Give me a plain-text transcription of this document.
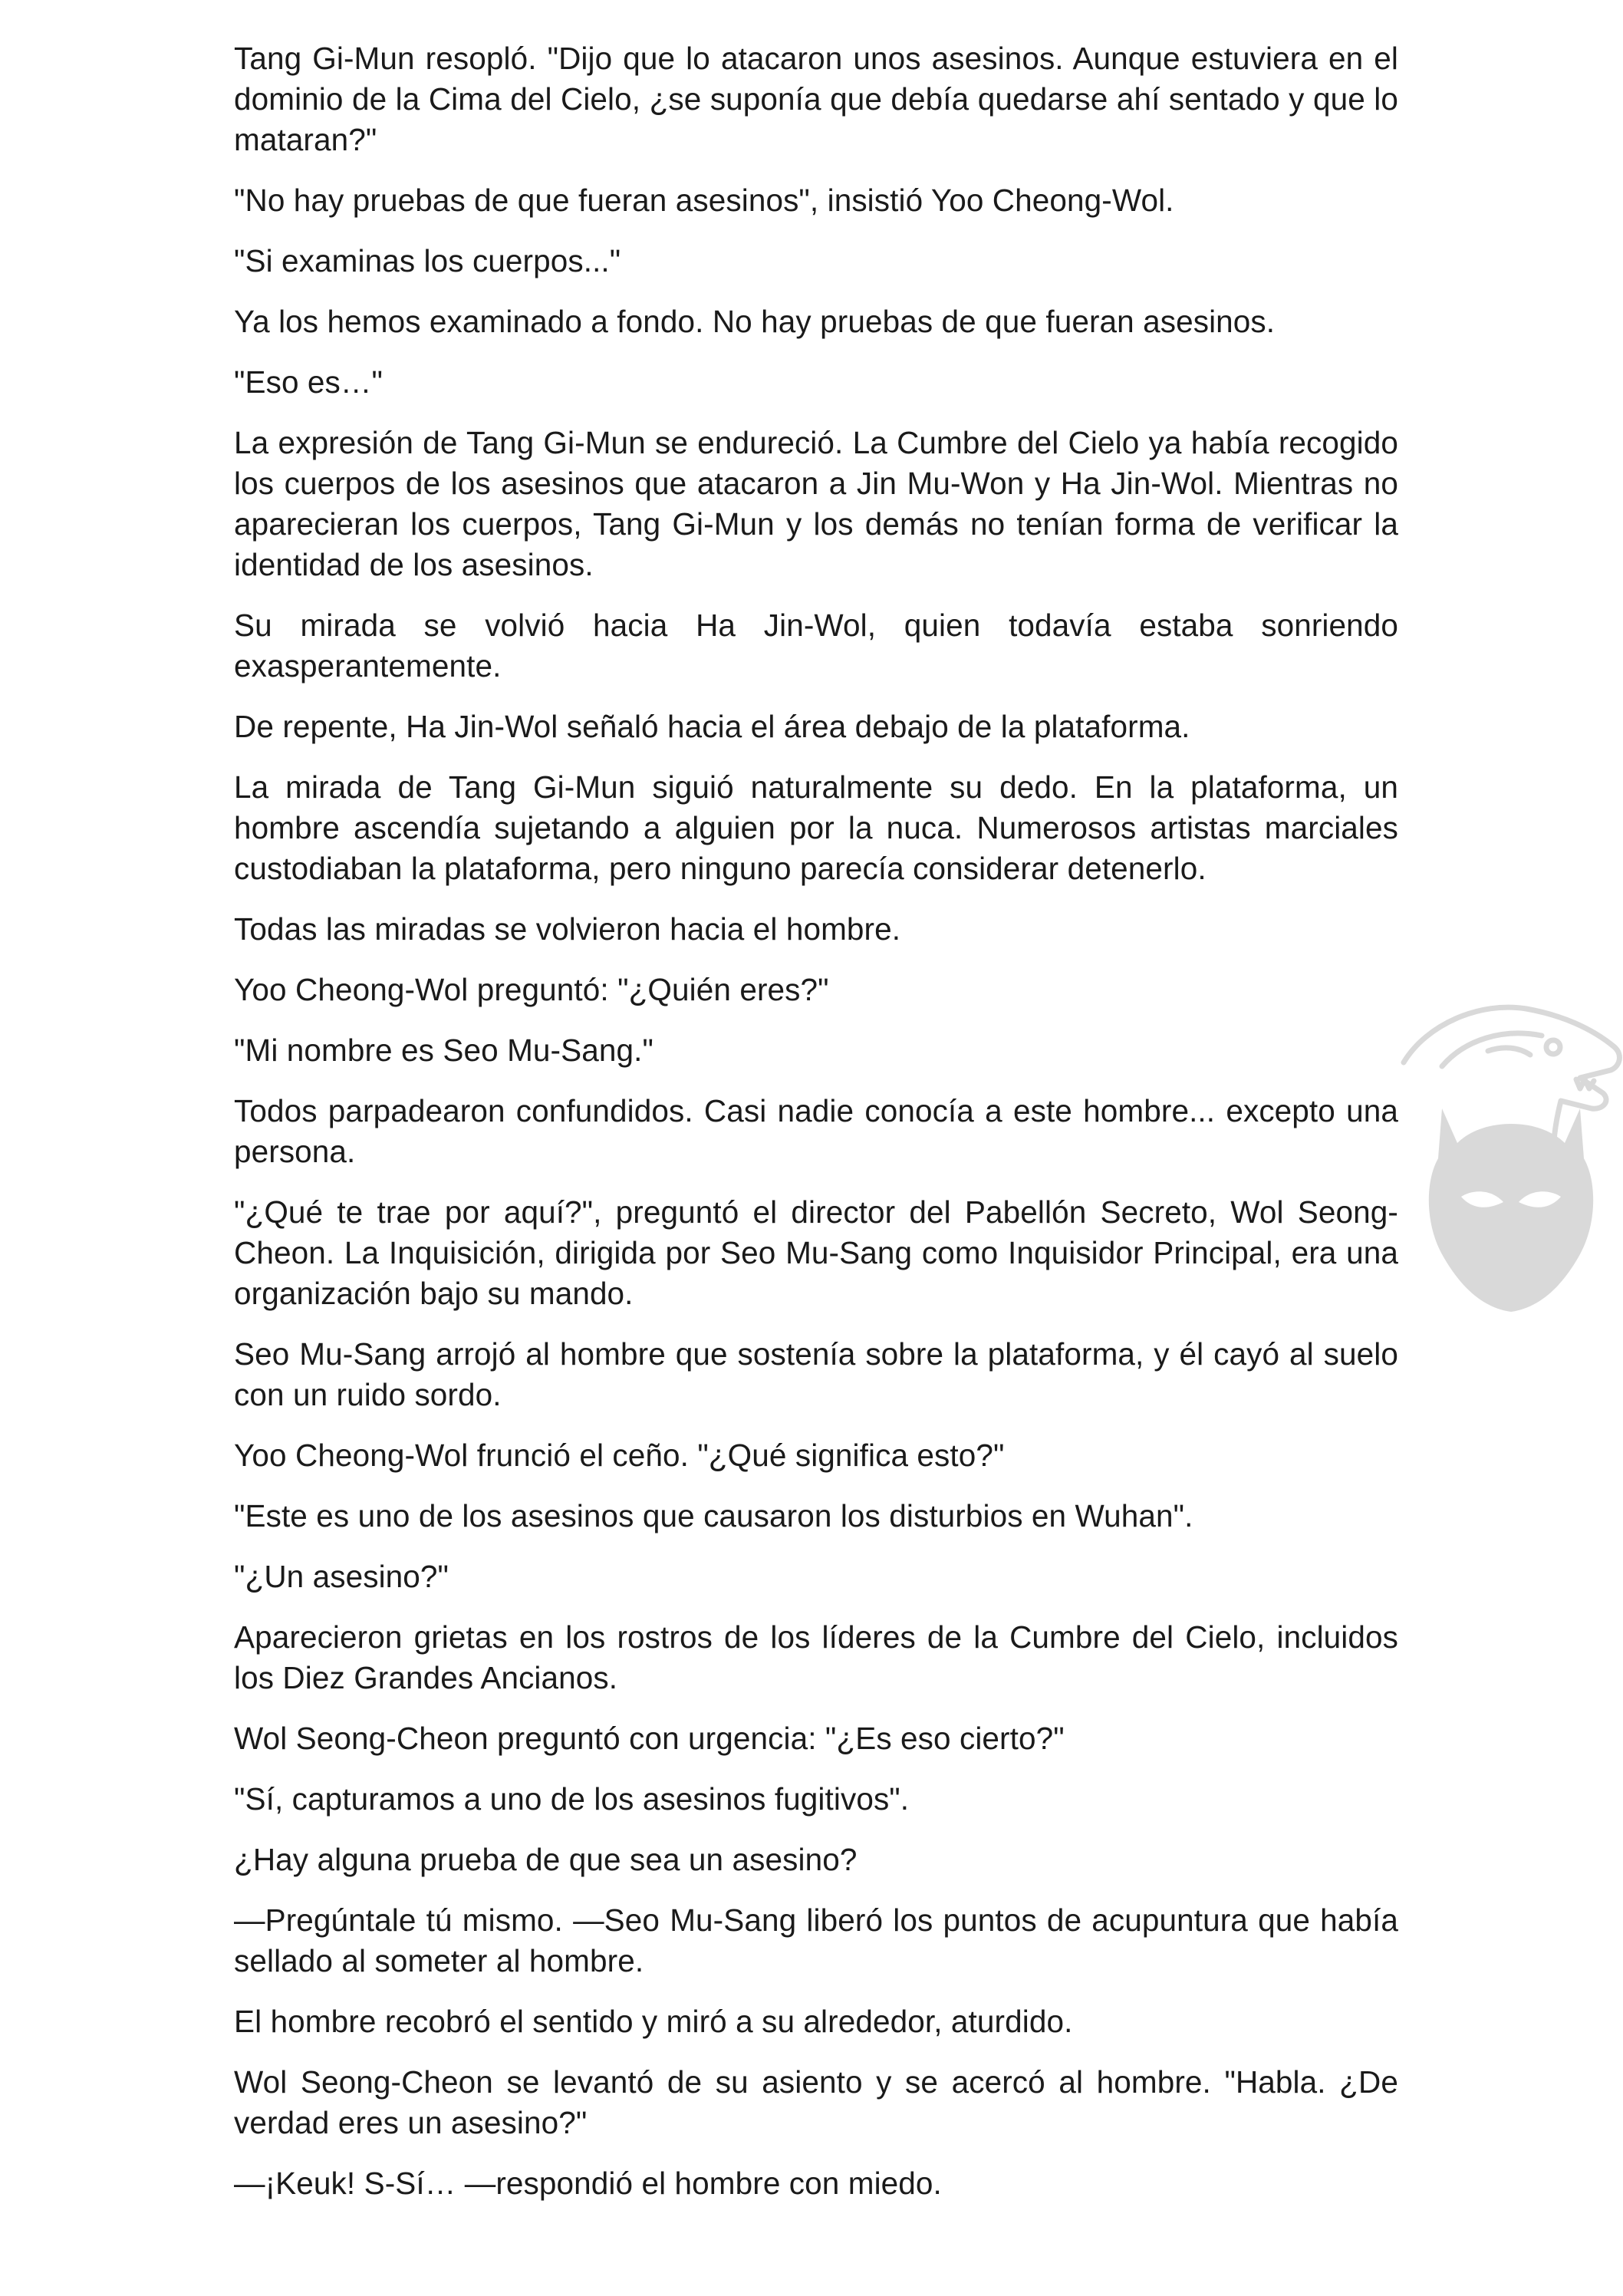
Tang Gi-Mun resopló. "Dijo que lo atacaron unos asesinos. Aunque estuviera en el dominio de la Cima del Cielo, ¿se suponía que debía quedarse ahí sentado y que lo mataran?"

"No hay pruebas de que fueran asesinos", insistió Yoo Cheong-Wol.

"Si examinas los cuerpos..."

Ya los hemos examinado a fondo. No hay pruebas de que fueran asesinos.

"Eso es…"

La expresión de Tang Gi-Mun se endureció. La Cumbre del Cielo ya había recogido los cuerpos de los asesinos que atacaron a Jin Mu-Won y Ha Jin-Wol. Mientras no aparecieran los cuerpos, Tang Gi-Mun y los demás no tenían forma de verificar la identidad de los asesinos.

Su mirada se volvió hacia Ha Jin-Wol, quien todavía estaba sonriendo exasperantemente.

De repente, Ha Jin-Wol señaló hacia el área debajo de la plataforma.

La mirada de Tang Gi-Mun siguió naturalmente su dedo. En la plataforma, un hombre ascendía sujetando a alguien por la nuca. Numerosos artistas marciales custodiaban la plataforma, pero ninguno parecía considerar detenerlo.

Todas las miradas se volvieron hacia el hombre.

Yoo Cheong-Wol preguntó: "¿Quién eres?"

"Mi nombre es Seo Mu-Sang."

Todos parpadearon confundidos. Casi nadie conocía a este hombre... excepto una persona.

"¿Qué te trae por aquí?", preguntó el director del Pabellón Secreto, Wol Seong-Cheon. La Inquisición, dirigida por Seo Mu-Sang como Inquisidor Principal, era una organización bajo su mando.

Seo Mu-Sang arrojó al hombre que sostenía sobre la plataforma, y él cayó al suelo con un ruido sordo.

Yoo Cheong-Wol frunció el ceño. "¿Qué significa esto?"

"Este es uno de los asesinos que causaron los disturbios en Wuhan".

"¿Un asesino?"

Aparecieron grietas en los rostros de los líderes de la Cumbre del Cielo, incluidos los Diez Grandes Ancianos.

Wol Seong-Cheon preguntó con urgencia: "¿Es eso cierto?"

"Sí, capturamos a uno de los asesinos fugitivos".

¿Hay alguna prueba de que sea un asesino?

—Pregúntale tú mismo. —Seo Mu-Sang liberó los puntos de acupuntura que había sellado al someter al hombre.

El hombre recobró el sentido y miró a su alrededor, aturdido.

Wol Seong-Cheon se levantó de su asiento y se acercó al hombre. "Habla. ¿De verdad eres un asesino?"

—¡Keuk! S-Sí… —respondió el hombre con miedo.
